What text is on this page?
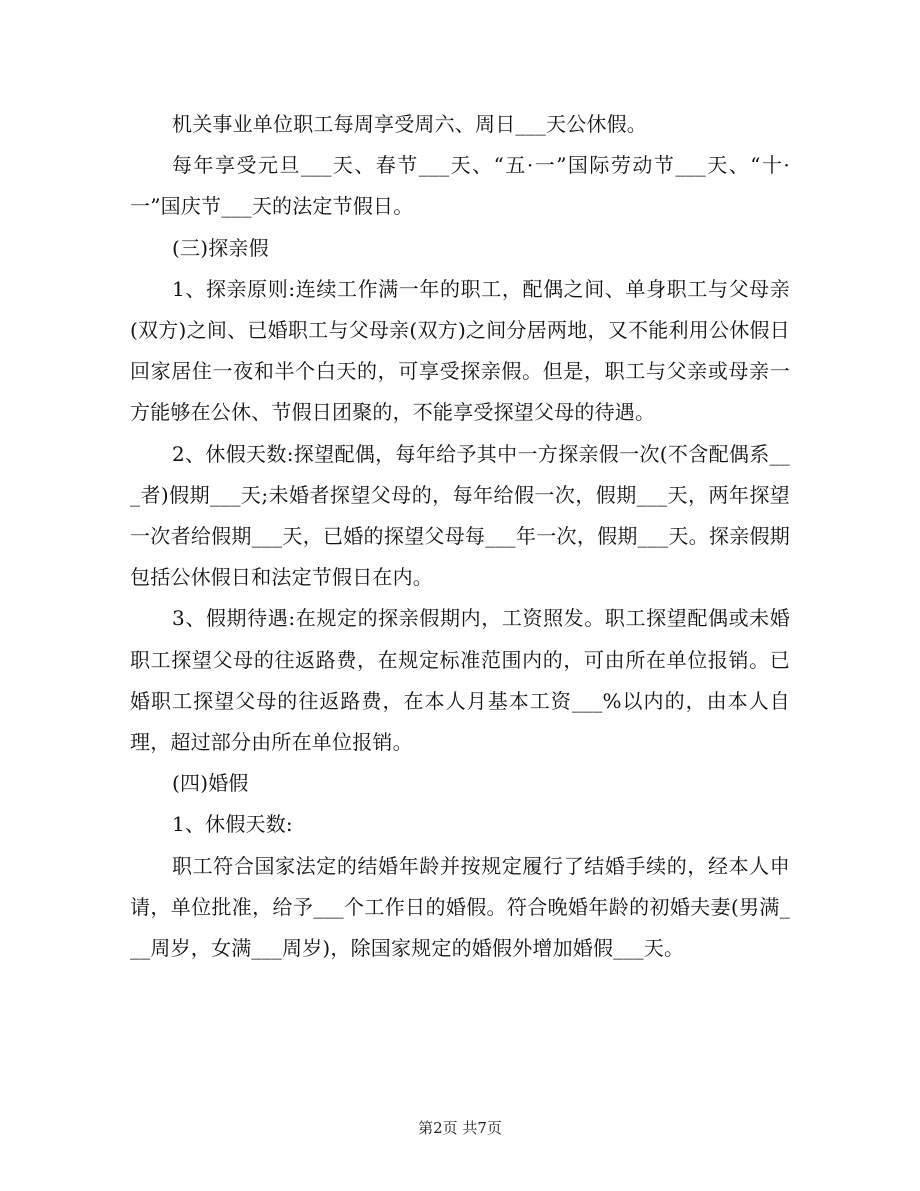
机关事业单位职工每周享受周六、周日___天公休假。

每年享受元旦___天、春节___天、“五·一”国际劳动节___天、“十·一”国庆节___天的法定节假日。

(三)探亲假

1、探亲原则:连续工作满一年的职工，配偶之间、单身职工与父母亲(双方)之间、已婚职工与父母亲(双方)之间分居两地，又不能利用公休假日回家居住一夜和半个白天的，可享受探亲假。但是，职工与父亲或母亲一方能够在公休、节假日团聚的，不能享受探望父母的待遇。

2、休假天数:探望配偶，每年给予其中一方探亲假一次(不含配偶系___者)假期___天;未婚者探望父母的，每年给假一次，假期___天，两年探望一次者给假期___天，已婚的探望父母每___年一次，假期___天。探亲假期包括公休假日和法定节假日在内。

3、假期待遇:在规定的探亲假期内，工资照发。职工探望配偶或未婚职工探望父母的往返路费，在规定标准范围内的，可由所在单位报销。已婚职工探望父母的往返路费，在本人月基本工资___%以内的，由本人自理，超过部分由所在单位报销。

(四)婚假

1、休假天数:

职工符合国家法定的结婚年龄并按规定履行了结婚手续的，经本人申请，单位批准，给予___个工作日的婚假。符合晚婚年龄的初婚夫妻(男满___周岁，女满___周岁)，除国家规定的婚假外增加婚假___天。

第2页 共7页
